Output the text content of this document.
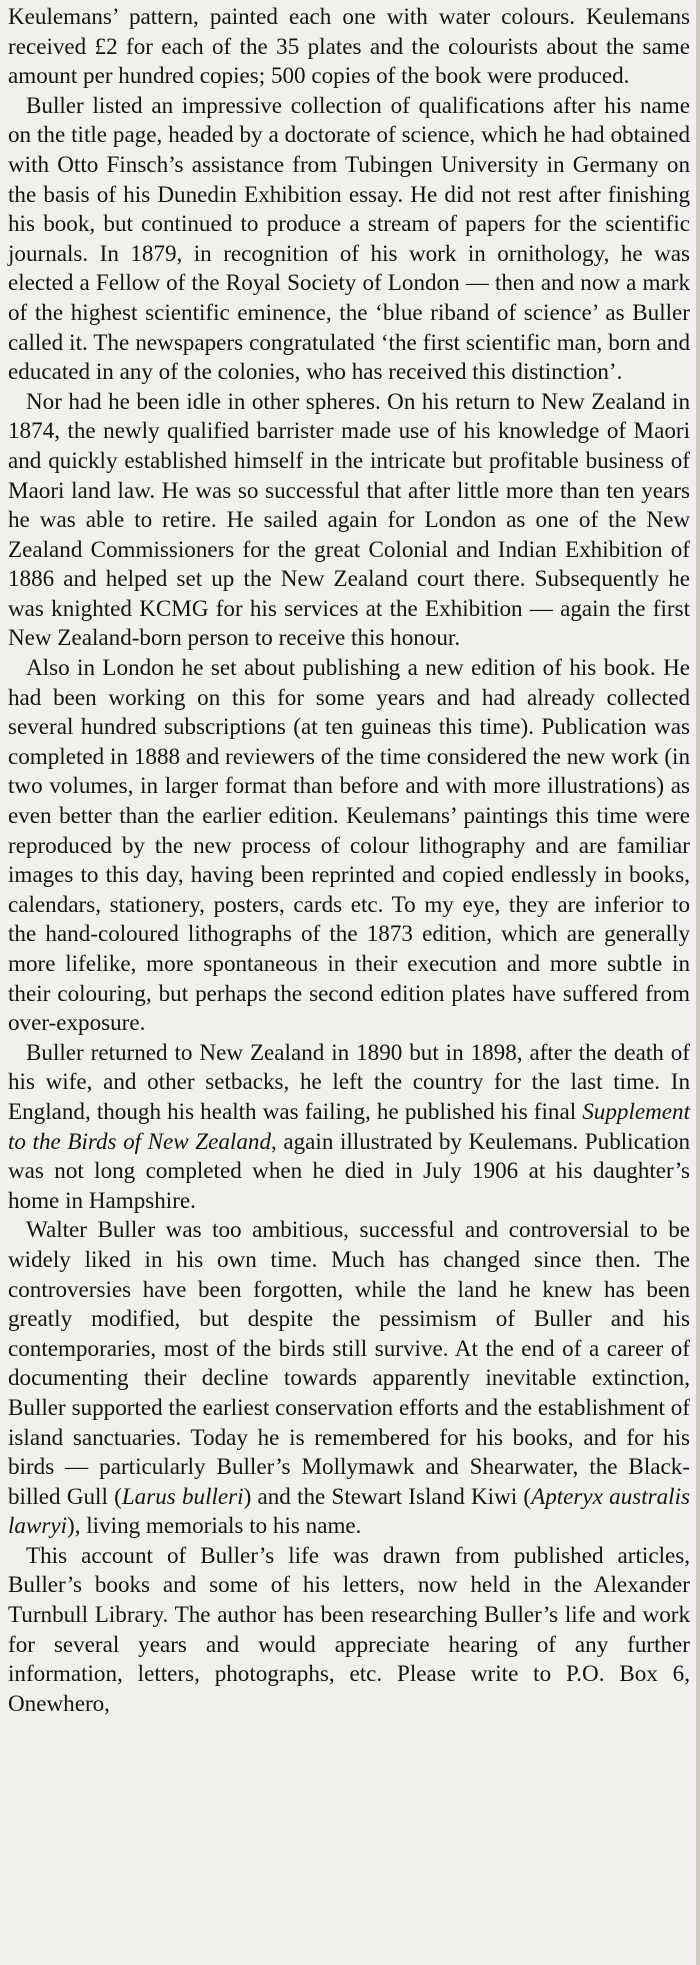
Keulemans’ pattern, painted each one with water colours. Keulemans received £2 for each of the 35 plates and the colourists about the same amount per hundred copies; 500 copies of the book were produced.

Buller listed an impressive collection of qualifications after his name on the title page, headed by a doctorate of science, which he had obtained with Otto Finsch’s assistance from Tubingen University in Germany on the basis of his Dunedin Exhibition essay. He did not rest after finishing his book, but continued to produce a stream of papers for the scientific journals. In 1879, in recognition of his work in ornithology, he was elected a Fellow of the Royal Society of London — then and now a mark of the highest scientific eminence, the ‘blue riband of science’ as Buller called it. The newspapers congratulated ‘the first scientific man, born and educated in any of the colonies, who has received this distinction’.

Nor had he been idle in other spheres. On his return to New Zealand in 1874, the newly qualified barrister made use of his knowledge of Maori and quickly established himself in the intricate but profitable business of Maori land law. He was so successful that after little more than ten years he was able to retire. He sailed again for London as one of the New Zealand Commissioners for the great Colonial and Indian Exhibition of 1886 and helped set up the New Zealand court there. Subsequently he was knighted KCMG for his services at the Exhibition — again the first New Zealand-born person to receive this honour.

Also in London he set about publishing a new edition of his book. He had been working on this for some years and had already collected several hundred subscriptions (at ten guineas this time). Publication was completed in 1888 and reviewers of the time considered the new work (in two volumes, in larger format than before and with more illustrations) as even better than the earlier edition. Keulemans’ paintings this time were reproduced by the new process of colour lithography and are familiar images to this day, having been reprinted and copied endlessly in books, calendars, stationery, posters, cards etc. To my eye, they are inferior to the hand-coloured lithographs of the 1873 edition, which are generally more lifelike, more spontaneous in their execution and more subtle in their colouring, but perhaps the second edition plates have suffered from over-exposure.

Buller returned to New Zealand in 1890 but in 1898, after the death of his wife, and other setbacks, he left the country for the last time. In England, though his health was failing, he published his final Supplement to the Birds of New Zealand, again illustrated by Keulemans. Publication was not long completed when he died in July 1906 at his daughter’s home in Hampshire.

Walter Buller was too ambitious, successful and controversial to be widely liked in his own time. Much has changed since then. The controversies have been forgotten, while the land he knew has been greatly modified, but despite the pessimism of Buller and his contemporaries, most of the birds still survive. At the end of a career of documenting their decline towards apparently inevitable extinction, Buller supported the earliest conservation efforts and the establishment of island sanctuaries. Today he is remembered for his books, and for his birds — particularly Buller’s Mollymawk and Shearwater, the Black-billed Gull (Larus bulleri) and the Stewart Island Kiwi (Apteryx australis lawryi), living memorials to his name.

This account of Buller’s life was drawn from published articles, Buller’s books and some of his letters, now held in the Alexander Turnbull Library. The author has been researching Buller’s life and work for several years and would appreciate hearing of any further information, letters, photographs, etc. Please write to P.O. Box 6, Onewhero,
